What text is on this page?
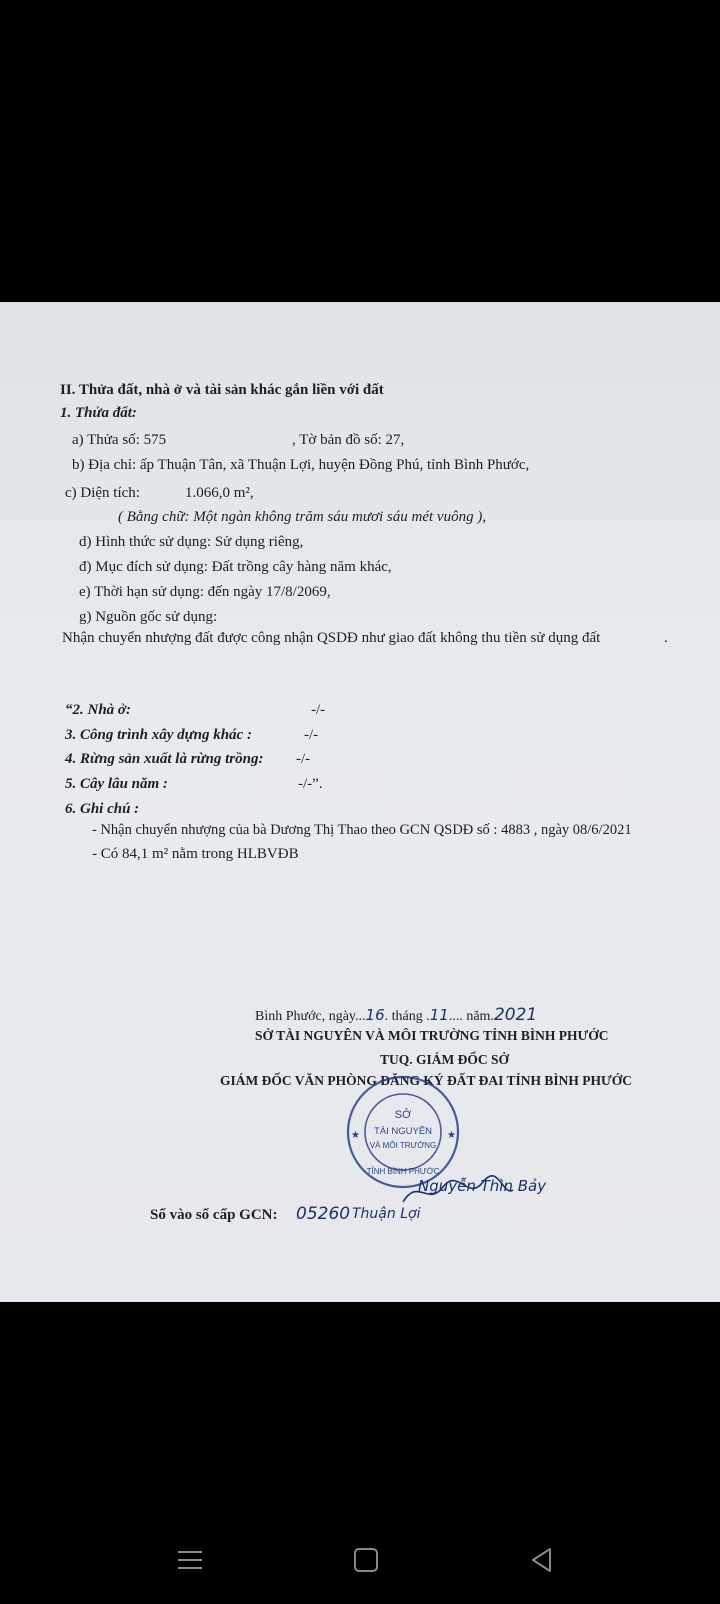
II. Thửa đất, nhà ở và tài sản khác gắn liền với đất
1. Thửa đất:
a) Thửa số: 575	, Tờ bản đồ số: 27,
b) Địa chỉ: ấp Thuận Tân, xã Thuận Lợi, huyện Đồng Phú, tỉnh Bình Phước,
c) Diện tích:	1.066,0 m²,
( Bằng chữ: Một ngàn không trăm sáu mươi sáu mét vuông ),
d) Hình thức sử dụng: Sử dụng riêng,
đ) Mục đích sử dụng: Đất trồng cây hàng năm khác,
e) Thời hạn sử dụng: đến ngày 17/8/2069,
g) Nguồn gốc sử dụng:
Nhận chuyển nhượng đất được công nhận QSDĐ như giao đất không thu tiền sử dụng đất	.
“2. Nhà ở:	-/-
3. Công trình xây dựng khác :	-/-
4. Rừng sản xuất là rừng trồng: -/-
5. Cây lâu năm :	-/-”.
6. Ghi chú :
- Nhận chuyển nhượng của bà Dương Thị Thao theo GCN QSDĐ số : 4883 , ngày 08/6/2021
- Có 84,1 m² nằm trong HLBVĐB
Bình Phước, ngày...16. tháng .11.... năm.2021
SỞ TÀI NGUYÊN VÀ MÔI TRƯỜNG TỈNH BÌNH PHƯỚC
TUQ. GIÁM ĐỐC SỞ
GIÁM ĐỐC VĂN PHÒNG ĐĂNG KÝ ĐẤT ĐAI TỈNH BÌNH PHƯỚC
★	★
SỞ
TÀI NGUYÊN
VÀ MÔI TRƯỜNG
TỈNH BÌNH PHƯỚC
Nguyễn Thìn Bảy
Số vào sổ cấp GCN: 05260 Thuận Lợi
